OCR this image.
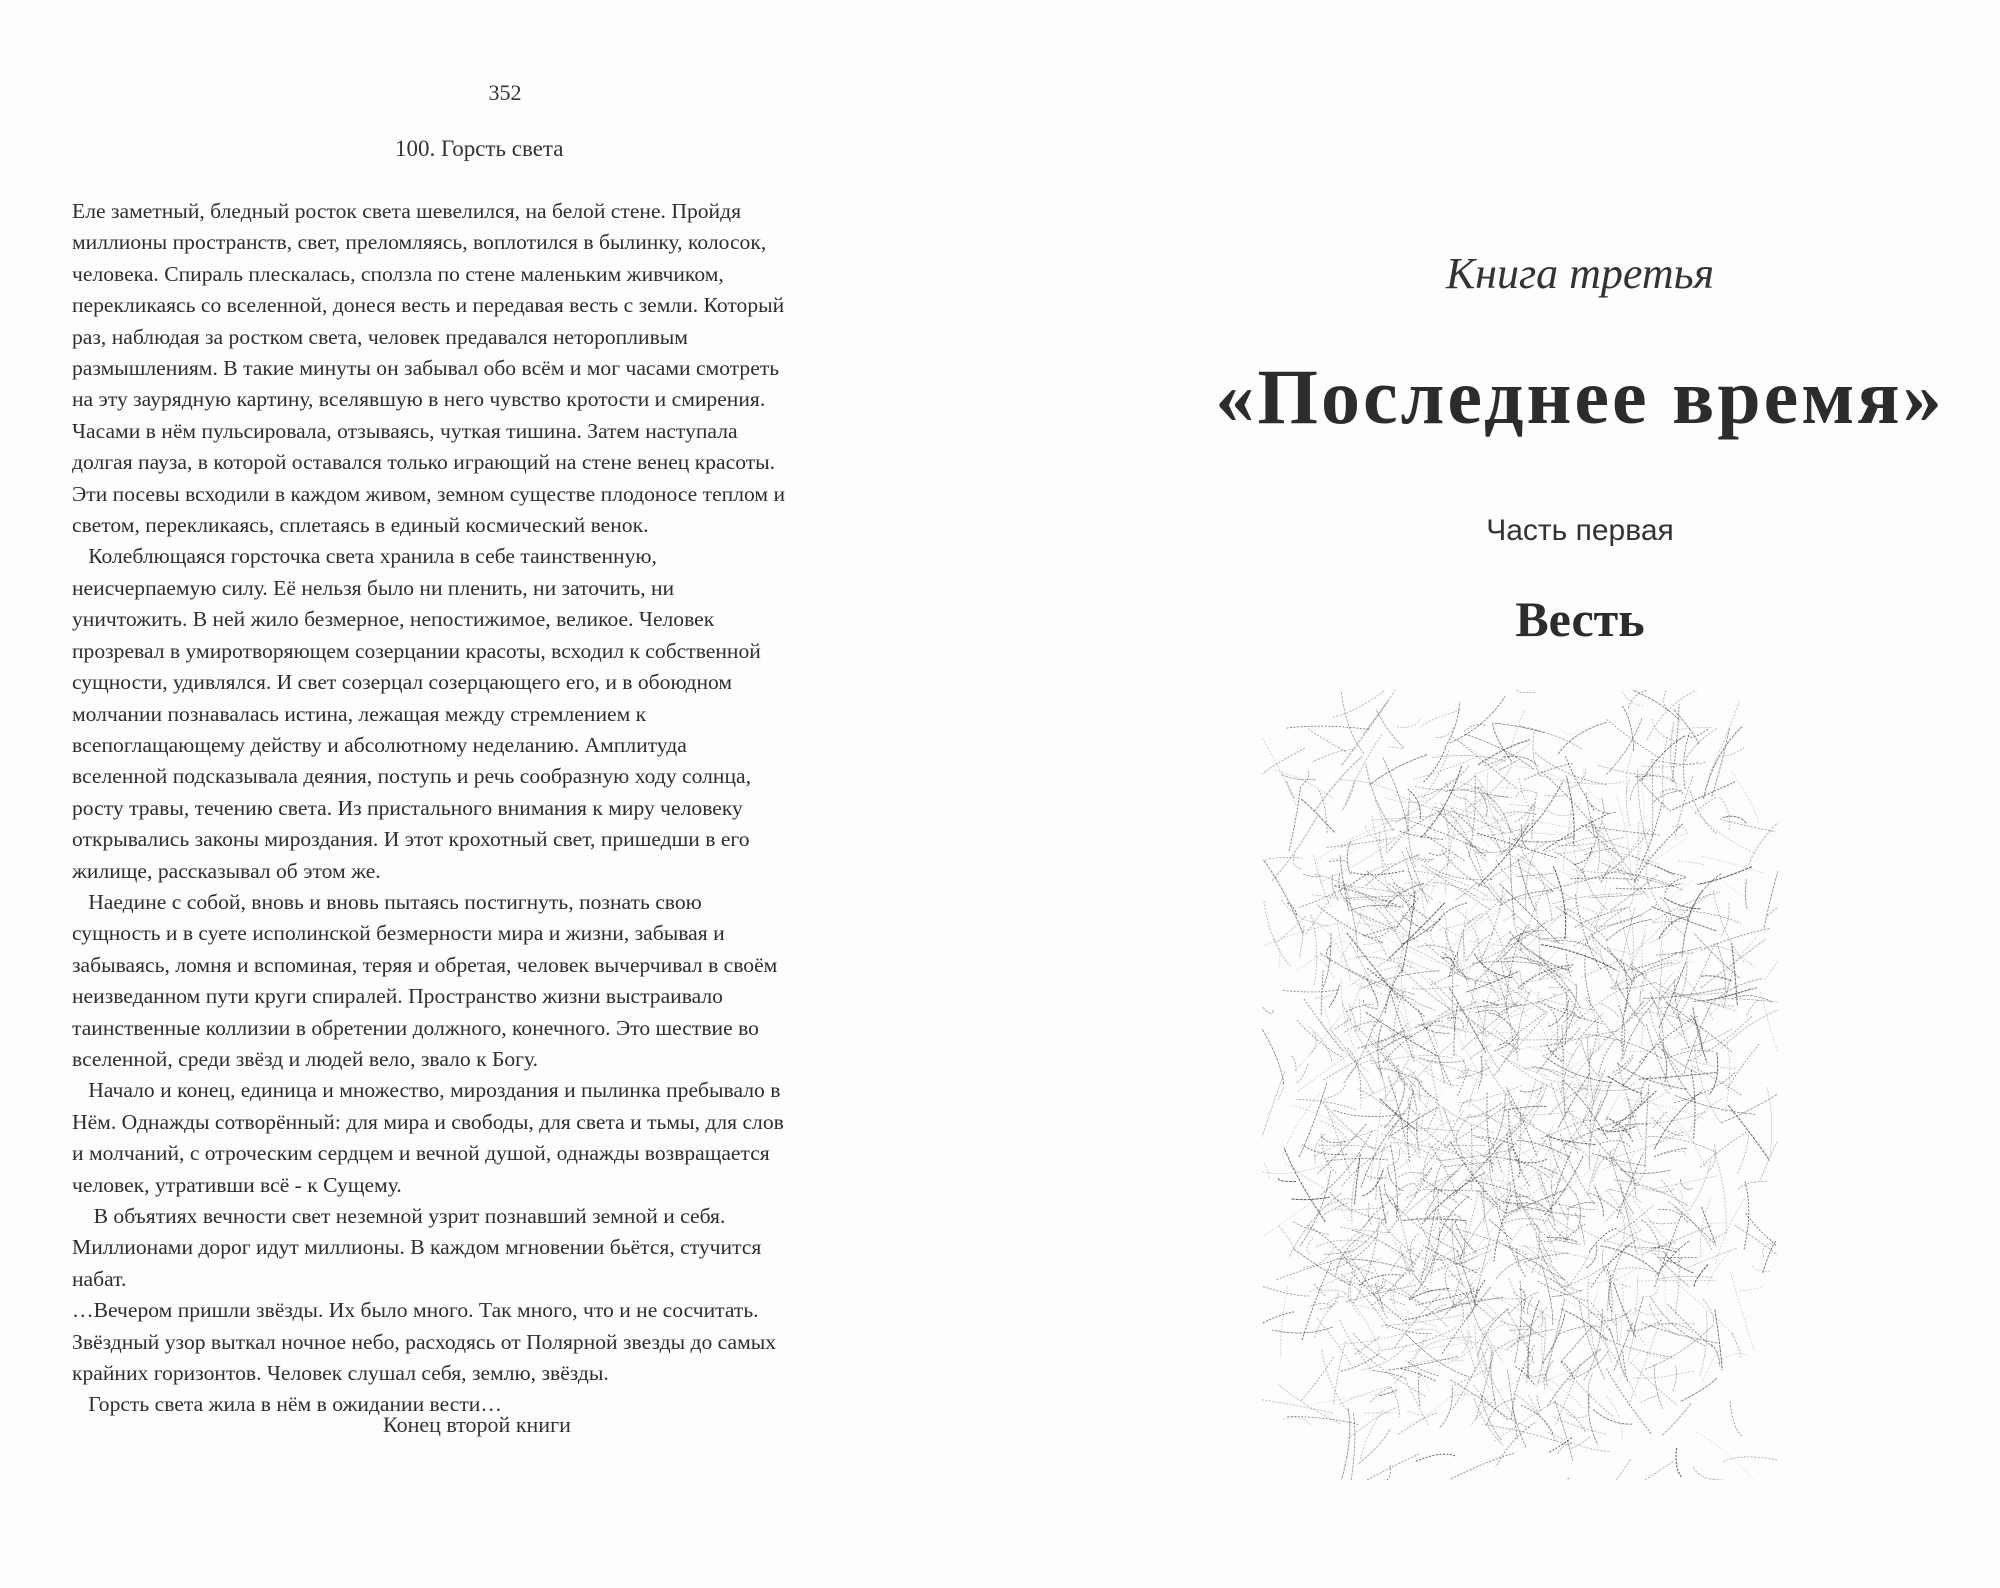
352
100. Горсть света
Еле заметный, бледный росток света шевелился, на белой стене. Пройдя
миллионы пространств, свет, преломляясь, воплотился в былинку, колосок,
человека. Спираль плескалась, сползла по стене маленьким живчиком,
перекликаясь со вселенной, донеся весть и передавая весть с земли. Который
раз, наблюдая за ростком света, человек предавался неторопливым
размышлениям. В такие минуты он забывал обо всём и мог часами смотреть
на эту заурядную картину, вселявшую в него чувство кротости и смирения.
Часами в нём пульсировала, отзываясь, чуткая тишина. Затем наступала
долгая пауза, в которой оставался только играющий на стене венец красоты.
Эти посевы всходили в каждом живом, земном существе плодоносе теплом и
светом, перекликаясь, сплетаясь в единый космический венок.
Колеблющаяся горсточка света хранила в себе таинственную,
неисчерпаемую силу. Её нельзя было ни пленить, ни заточить, ни
уничтожить. В ней жило безмерное, непостижимое, великое. Человек
прозревал в умиротворяющем созерцании красоты, всходил к собственной
сущности, удивлялся. И свет созерцал созерцающего его, и в обоюдном
молчании познавалась истина, лежащая между стремлением к
всепоглащающему действу и абсолютному неделанию. Амплитуда
вселенной подсказывала деяния, поступь и речь сообразную ходу солнца,
росту травы, течению света. Из пристального внимания к миру человеку
открывались законы мироздания. И этот крохотный свет, пришедши в его
жилище, рассказывал об этом же.
Наедине с собой, вновь и вновь пытаясь постигнуть, познать свою
сущность и в суете исполинской безмерности мира и жизни, забывая и
забываясь, ломня и вспоминая, теряя и обретая, человек вычерчивал в своём
неизведанном пути круги спиралей. Пространство жизни выстраивало
таинственные коллизии в обретении должного, конечного. Это шествие во
вселенной, среди звёзд и людей вело, звало к Богу.
Начало и конец, единица и множество, мироздания и пылинка пребывало в
Нём. Однажды сотворённый: для мира и свободы, для света и тьмы, для слов
и молчаний, с отроческим сердцем и вечной душой, однажды возвращается
человек, утративши всё - к Сущему.
В объятиях вечности свет неземной узрит познавший земной и себя.
Миллионами дорог идут миллионы. В каждом мгновении бьётся, стучится
набат.
…Вечером пришли звёзды. Их было много. Так много, что и не сосчитать.
Звёздный узор выткал ночное небо, расходясь от Полярной звезды до самых
крайних горизонтов. Человек слушал себя, землю, звёзды.
Горсть света жила в нём в ожидании вести…
Конец второй книги
Книга третья
«Последнее время»
Часть первая
Весть
